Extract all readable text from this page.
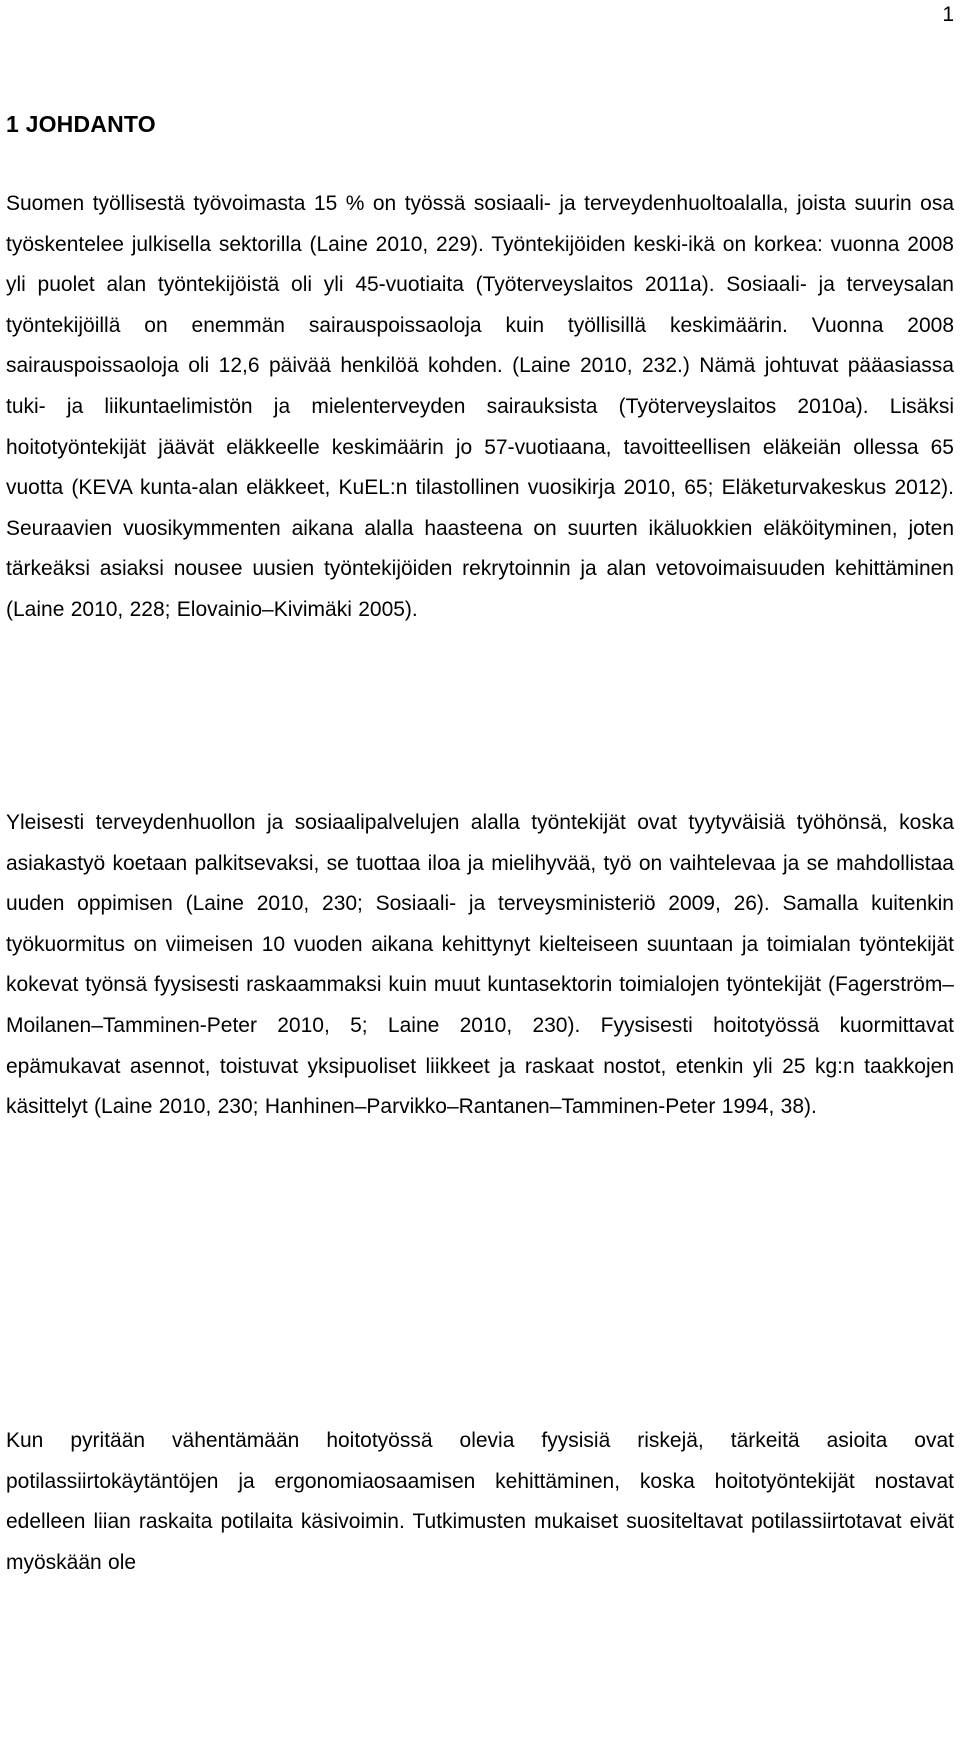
1
1 JOHDANTO

Suomen työllisestä työvoimasta 15 % on työssä sosiaali- ja terveydenhuoltoalalla, joista suurin osa työskentelee julkisella sektorilla (Laine 2010, 229). Työntekijöiden keski-ikä on korkea: vuonna 2008 yli puolet alan työntekijöistä oli yli 45-vuotiaita (Työterveyslaitos 2011a). Sosiaali- ja terveysalan työntekijöillä on enemmän sairauspoissaoloja kuin työllisillä keskimäärin. Vuonna 2008 sairauspoissaoloja oli 12,6 päivää henkilöä kohden. (Laine 2010, 232.) Nämä johtuvat pääasiassa tuki- ja liikuntaelimistön ja mielenterveyden sairauksista (Työterveyslaitos 2010a). Lisäksi hoitotyöntekijät jäävät eläkkeelle keskimäärin jo 57-vuotiaana, tavoitteellisen eläkeiän ollessa 65 vuotta (KEVA kunta-alan eläkkeet, KuEL:n tilastollinen vuosikirja 2010, 65; Eläketurvakeskus 2012). Seuraavien vuosikymmenten aikana alalla haasteena on suurten ikäluokkien eläköityminen, joten tärkeäksi asiaksi nousee uusien työntekijöiden rekrytoinnin ja alan vetovoimaisuuden kehittäminen (Laine 2010, 228; Elovainio–Kivimäki 2005).

Yleisesti terveydenhuollon ja sosiaalipalvelujen alalla työntekijät ovat tyytyväisiä työhönsä, koska asiakastyö koetaan palkitsevaksi, se tuottaa iloa ja mielihyvää, työ on vaihtelevaa ja se mahdollistaa uuden oppimisen (Laine 2010, 230; Sosiaali- ja terveysministeriö 2009, 26). Samalla kuitenkin työkuormitus on viimeisen 10 vuoden aikana kehittynyt kielteiseen suuntaan ja toimialan työntekijät kokevat työnsä fyysisesti raskaammaksi kuin muut kuntasektorin toimialojen työntekijät (Fagerström–Moilanen–Tamminen-Peter 2010, 5; Laine 2010, 230). Fyysisesti hoitotyössä kuormittavat epämukavat asennot, toistuvat yksipuoliset liikkeet ja raskaat nostot, etenkin yli 25 kg:n taakkojen käsittelyt (Laine 2010, 230; Hanhinen–Parvikko–Rantanen–Tamminen-Peter 1994, 38).

Kun pyritään vähentämään hoitotyössä olevia fyysisiä riskejä, tärkeitä asioita ovat potilassiirtokäytäntöjen ja ergonomiaosaamisen kehittäminen, koska hoitotyöntekijät nostavat edelleen liian raskaita potilaita käsivoimin. Tutkimusten mukaiset suositeltavat potilassiirtotavat eivät myöskään ole
